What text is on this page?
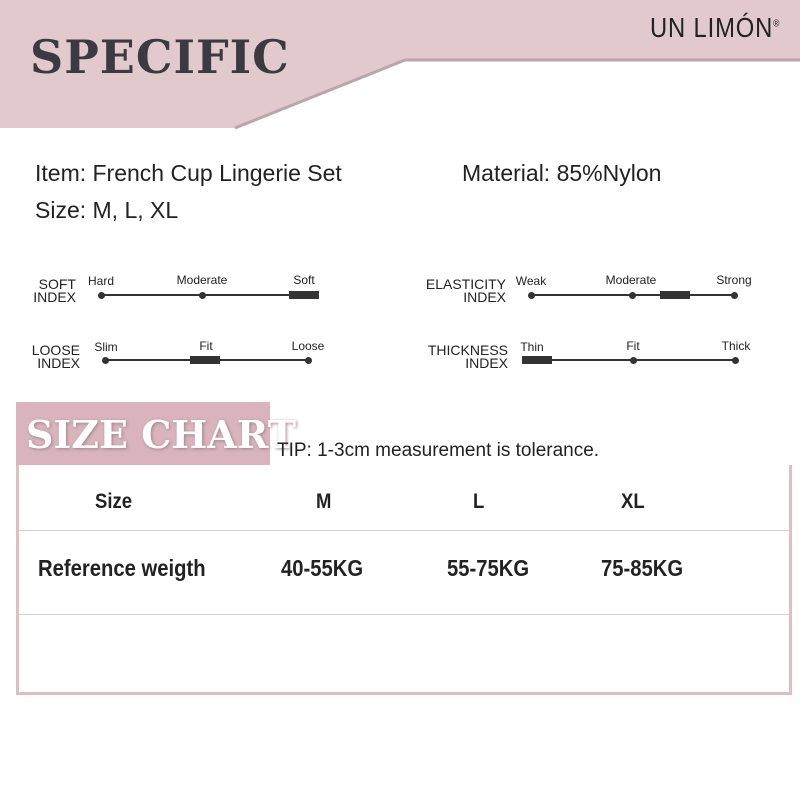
SPECIFIC
UN LIMÓN®
Item: French Cup Lingerie Set	Material: 85%Nylon
Size: M, L, XL
SOFT
INDEX
Hard	Moderate	Soft	ELASTICITY
INDEX
Weak	Moderate	Strong
LOOSE
INDEX
Slim	Fit	Loose	THICKNESS
INDEX
Thin	Fit	Thick
SIZE CHART
TIP: 1-3cm measurement is tolerance.
Size	M	L	XL
Reference weigth	40-55KG	55-75KG	75-85KG
